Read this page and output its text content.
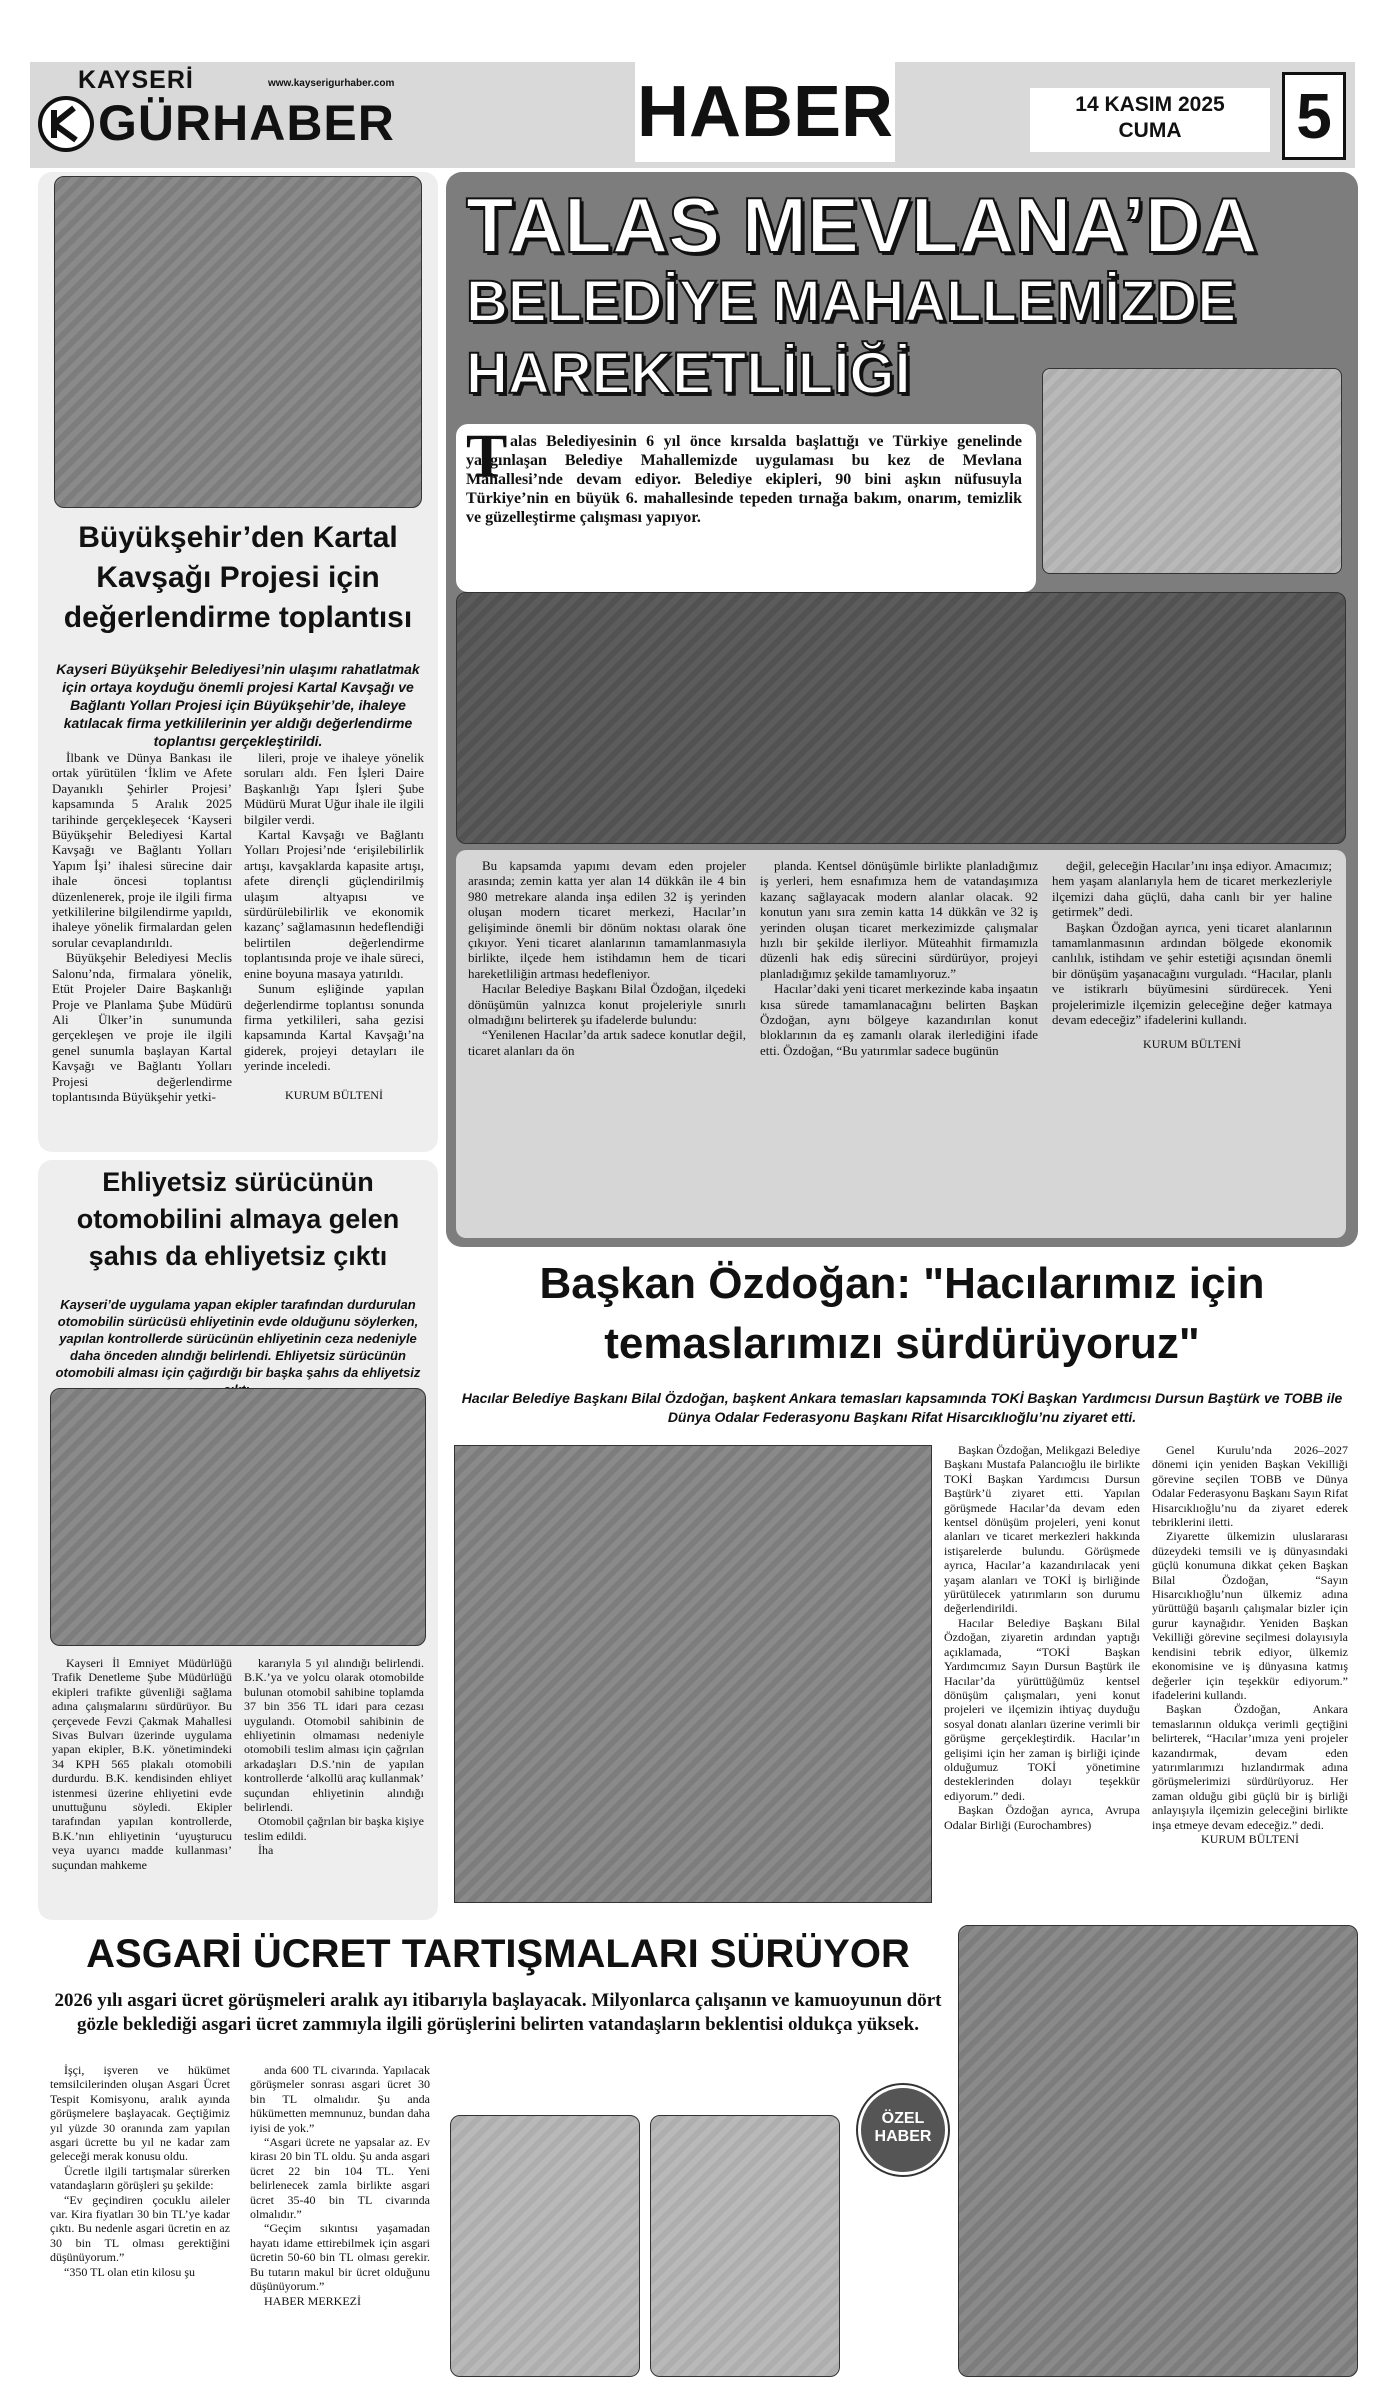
KAYSERİ	www.kayserigurhaber.com
GÜRHABER	HABER	14 KASIM 2025
CUMA	5
Büyükşehir’den Kartal Kavşağı Projesi için değerlendirme toplantısı
Kayseri Büyükşehir Belediyesi’nin ulaşımı rahatlatmak için ortaya koyduğu önemli projesi Kartal Kavşağı ve Bağlantı Yolları Projesi için Büyükşehir’de, ihaleye katılacak firma yetkililerinin yer aldığı değerlendirme toplantısı gerçekleştirildi.

İlbank ve Dünya Bankası ile ortak yürütülen ‘İklim ve Afete Dayanıklı Şehirler Projesi’ kapsamında 5 Aralık 2025 tarihinde gerçekleşecek ‘Kayseri Büyükşehir Belediyesi Kartal Kavşağı ve Bağlantı Yolları Yapım İşi’ ihalesi sürecine dair ihale öncesi toplantısı düzenlenerek, proje ile ilgili firma yetkililerine bilgilendirme yapıldı, ihaleye yönelik firmalardan gelen sorular cevaplandırıldı.

Büyükşehir Belediyesi Meclis Salonu’nda, firmalara yönelik, Etüt Projeler Daire Başkanlığı Proje ve Planlama Şube Müdürü Ali Ülker’in sunumunda gerçekleşen ve proje ile ilgili genel sunumla başlayan Kartal Kavşağı ve Bağlantı Yolları Projesi değerlendirme toplantısında Büyükşehir yetki-

lileri, proje ve ihaleye yönelik soruları aldı. Fen İşleri Daire Başkanlığı Yapı İşleri Şube Müdürü Murat Uğur ihale ile ilgili bilgiler verdi.

Kartal Kavşağı ve Bağlantı Yolları Projesi’nde ‘erişilebilirlik artışı, kavşaklarda kapasite artışı, afete dirençli güçlendirilmiş ulaşım altyapısı ve sürdürülebilirlik ve ekonomik kazanç’ sağlamasının hedeflendiği belirtilen değerlendirme toplantısında proje ve ihale süreci, enine boyuna masaya yatırıldı.

Sunum eşliğinde yapılan değerlendirme toplantısı sonunda firma yetkilileri, saha gezisi kapsamında Kartal Kavşağı’na giderek, projeyi detayları ile yerinde inceledi.

KURUM BÜLTENİ
TALAS MEVLANA’DA
BELEDİYE MAHALLEMİZDE
HAREKETLİLİĞİ
T alas Belediyesinin 6 yıl önce kırsalda başlattığı ve Türkiye genelinde yaygınlaşan Belediye Mahallemizde uygulaması bu kez de Mevlana Mahallesi’nde devam ediyor. Belediye ekipleri, 90 bini aşkın nüfusuyla Türkiye’nin en büyük 6. mahallesinde tepeden tırnağa bakım, onarım, temizlik ve güzelleştirme çalışması yapıyor.

Bu kapsamda yapımı devam eden projeler arasında; zemin katta yer alan 14 dükkân ile 4 bin 980 metrekare alanda inşa edilen 32 iş yerinden oluşan modern ticaret merkezi, Hacılar’ın gelişiminde önemli bir dönüm noktası olarak öne çıkıyor. Yeni ticaret alanlarının tamamlanmasıyla birlikte, ilçede hem istihdamın hem de ticari hareketliliğin artması hedefleniyor.

Hacılar Belediye Başkanı Bilal Özdoğan, ilçedeki dönüşümün yalnızca konut projeleriyle sınırlı olmadığını belirterek şu ifadelerde bulundu:

“Yenilenen Hacılar’da artık sadece konutlar değil, ticaret alanları da ön

planda. Kentsel dönüşümle birlikte planladığımız iş yerleri, hem esnafımıza hem de vatandaşımıza kazanç sağlayacak modern alanlar olacak. 92 konutun yanı sıra zemin katta 14 dükkân ve 32 iş yerinden oluşan ticaret merkezimizde çalışmalar hızlı bir şekilde ilerliyor. Müteahhit firmamızla düzenli hak ediş sürecini sürdürüyor, projeyi planladığımız şekilde tamamlıyoruz.”

Hacılar’daki yeni ticaret merkezinde kaba inşaatın kısa sürede tamamlanacağını belirten Başkan Özdoğan, aynı bölgeye kazandırılan konut bloklarının da eş zamanlı olarak ilerlediğini ifade etti. Özdoğan, “Bu yatırımlar sadece bugünün

değil, geleceğin Hacılar’ını inşa ediyor. Amacımız; hem yaşam alanlarıyla hem de ticaret merkezleriyle ilçemizi daha güçlü, daha canlı bir yer haline getirmek” dedi.

Başkan Özdoğan ayrıca, yeni ticaret alanlarının tamamlanmasının ardından bölgede ekonomik canlılık, istihdam ve şehir estetiği açısından önemli bir dönüşüm yaşanacağını vurguladı. “Hacılar, planlı ve istikrarlı büyümesini sürdürecek. Yeni projelerimizle ilçemizin geleceğine değer katmaya devam edeceğiz” ifadelerini kullandı.

KURUM BÜLTENİ
Ehliyetsiz sürücünün otomobilini almaya gelen şahıs da ehliyetsiz çıktı
Kayseri’de uygulama yapan ekipler tarafından durdurulan otomobilin sürücüsü ehliyetinin evde olduğunu söylerken, yapılan kontrollerde sürücünün ehliyetinin ceza nedeniyle daha önceden alındığı belirlendi. Ehliyetsiz sürücünün otomobili alması için çağırdığı bir başka şahıs da ehliyetsiz

Kayseri İl Emniyet Müdürlüğü Trafik Denetleme Şube Müdürlüğü ekipleri trafikte güvenliği sağlama adına çalışmalarını sürdürüyor. Bu çerçevede Fevzi Çakmak Mahallesi Sivas Bulvarı üzerinde uygulama yapan ekipler, B.K. yönetimindeki 34 KPH 565 plakalı otomobili durdurdu. B.K. kendisinden ehliyet istenmesi üzerine ehliyetini evde unuttuğunu söyledi. Ekipler tarafından yapılan kontrollerde, B.K.’nın ehliyetinin ‘uyuşturucu veya uyarıcı madde kullanması’ suçundan mahkeme

kararıyla 5 yıl alındığı belirlendi. B.K.’ya ve yolcu olarak otomobilde bulunan otomobil sahibine toplamda 37 bin 356 TL idari para cezası uygulandı. Otomobil sahibinin de ehliyetinin olmaması nedeniyle otomobili teslim alması için çağrılan arkadaşları D.S.’nin de yapılan kontrollerde ‘alkollü araç kullanmak’ suçundan ehliyetinin alındığı belirlendi.

Otomobil çağrılan bir başka kişiye teslim edildi.

İha
Başkan Özdoğan: "Hacılarımız için
temaslarımızı sürdürüyoruz"
Hacılar Belediye Başkanı Bilal Özdoğan, başkent Ankara temasları kapsamında TOKİ Başkan Yardımcısı Dursun Baştürk ve TOBB ile Dünya Odalar Federasyonu Başkanı Rifat Hisarcıklıoğlu’nu ziyaret etti.

Başkan Özdoğan, Melikgazi Belediye Başkanı Mustafa Palancıoğlu ile birlikte TOKİ Başkan Yardımcısı Dursun Baştürk’ü ziyaret etti. Yapılan görüşmede Hacılar’da devam eden kentsel dönüşüm projeleri, yeni konut alanları ve ticaret merkezleri hakkında istişarelerde bulundu. Görüşmede ayrıca, Hacılar’a kazandırılacak yeni yaşam alanları ve TOKİ iş birliğinde yürütülecek yatırımların son durumu değerlendirildi.

Hacılar Belediye Başkanı Bilal Özdoğan, ziyaretin ardından yaptığı açıklamada, “TOKİ Başkan Yardımcımız Sayın Dursun Baştürk ile Hacılar’da yürüttüğümüz kentsel dönüşüm çalışmaları, yeni konut projeleri ve ilçemizin ihtiyaç duyduğu sosyal donatı alanları üzerine verimli bir görüşme gerçekleştirdik. Hacılar’ın gelişimi için her zaman iş birliği içinde olduğumuz TOKİ yönetimine desteklerinden dolayı teşekkür ediyorum.” dedi.

Başkan Özdoğan ayrıca, Avrupa Odalar Birliği (Eurochambres)

Genel Kurulu’nda 2026–2027 dönemi için yeniden Başkan Vekilliği görevine seçilen TOBB ve Dünya Odalar Federasyonu Başkanı Sayın Rifat Hisarcıklıoğlu’nu da ziyaret ederek tebriklerini iletti.

Ziyarette ülkemizin uluslararası düzeydeki temsili ve iş dünyasındaki güçlü konumuna dikkat çeken Başkan Bilal Özdoğan, “Sayın Hisarcıklıoğlu’nun ülkemiz adına yürüttüğü başarılı çalışmalar bizler için gurur kaynağıdır. Yeniden Başkan Vekilliği görevine seçilmesi dolayısıyla kendisini tebrik ediyor, ülkemiz ekonomisine ve iş dünyasına katmış değerler için teşekkür ediyorum.” ifadelerini kullandı.

Başkan Özdoğan, Ankara temaslarının oldukça verimli geçtiğini belirterek, “Hacılar’ımıza yeni projeler kazandırmak, devam eden yatırımlarımızı hızlandırmak adına görüşmelerimizi sürdürüyoruz. Her zaman olduğu gibi güçlü bir iş birliği anlayışıyla ilçemizin geleceğini birlikte inşa etmeye devam edeceğiz.” dedi.

KURUM BÜLTENİ
ASGARİ ÜCRET TARTIŞMALARI SÜRÜYOR
2026 yılı asgari ücret görüşmeleri aralık ayı itibarıyla başlayacak. Milyonlarca çalışanın ve kamuoyunun dört gözle beklediği asgari ücret zammıyla ilgili görüşlerini belirten vatandaşların beklentisi oldukça yüksek.

İşçi, işveren ve hükümet temsilcilerinden oluşan Asgari Ücret Tespit Komisyonu, aralık ayında görüşmelere başlayacak. Geçtiğimiz yıl yüzde 30 oranında zam yapılan asgari ücrette bu yıl ne kadar zam geleceği merak konusu oldu.

Ücretle ilgili tartışmalar sürerken vatandaşların görüşleri şu şekilde:

“Ev geçindiren çocuklu aileler var. Kira fiyatları 30 bin TL’ye kadar çıktı. Bu nedenle asgari ücretin en az 30 bin TL olması gerektiğini düşünüyorum.”

“350 TL olan etin kilosu şu

anda 600 TL civarında. Yapılacak görüşmeler sonrası asgari ücret 30 bin TL olmalıdır. Şu anda hükümetten memnunuz, bundan daha iyisi de yok.”

“Asgari ücrete ne yapsalar az. Ev kirası 20 bin TL oldu. Şu anda asgari ücret 22 bin 104 TL. Yeni belirlenecek zamla birlikte asgari ücret 35-40 bin TL civarında olmalıdır.”

“Geçim sıkıntısı yaşamadan hayatı idame ettirebilmek için asgari ücretin 50-60 bin TL olması gerekir. Bu tutarın makul bir ücret olduğunu düşünüyorum.”

HABER MERKEZİ
ÖZEL
HABER
